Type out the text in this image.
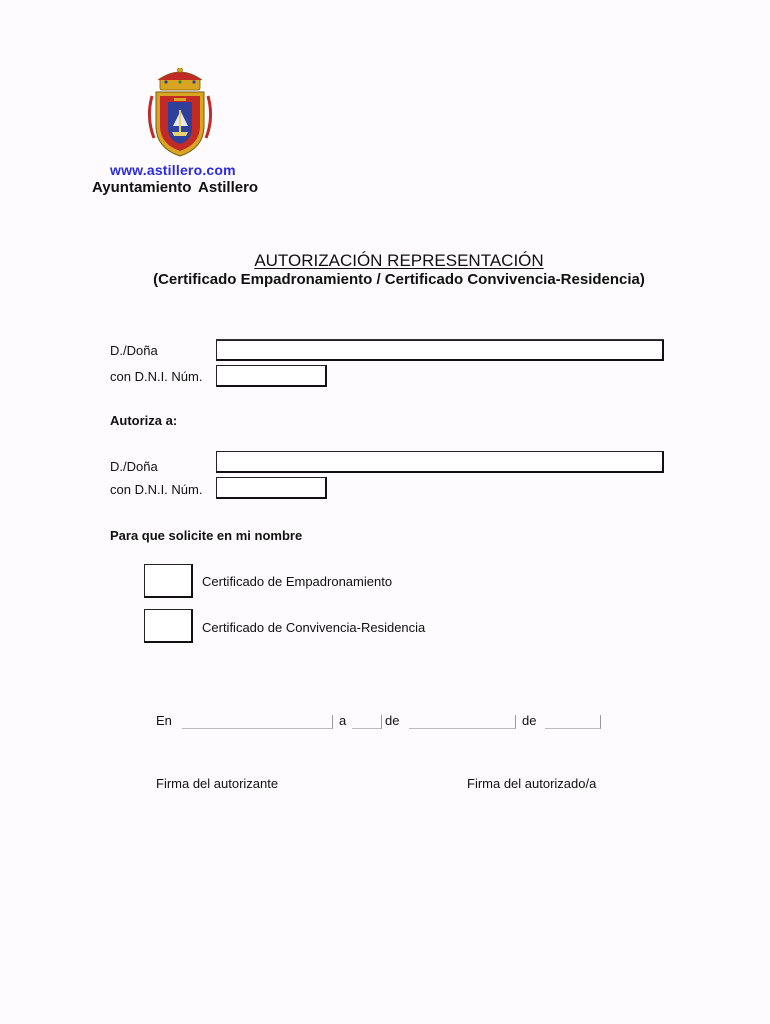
www.astillero.com
Ayuntamiento Astillero
AUTORIZACIÓN REPRESENTACIÓN
(Certificado Empadronamiento / Certificado Convivencia-Residencia)
D./Doña
con D.N.I. Núm.
Autoriza a:
D./Doña
con D.N.I. Núm.
Para que solicite en mi nombre
Certificado de Empadronamiento
Certificado de Convivencia-Residencia
En	a	de	de
Firma del autorizante	Firma del autorizado/a
